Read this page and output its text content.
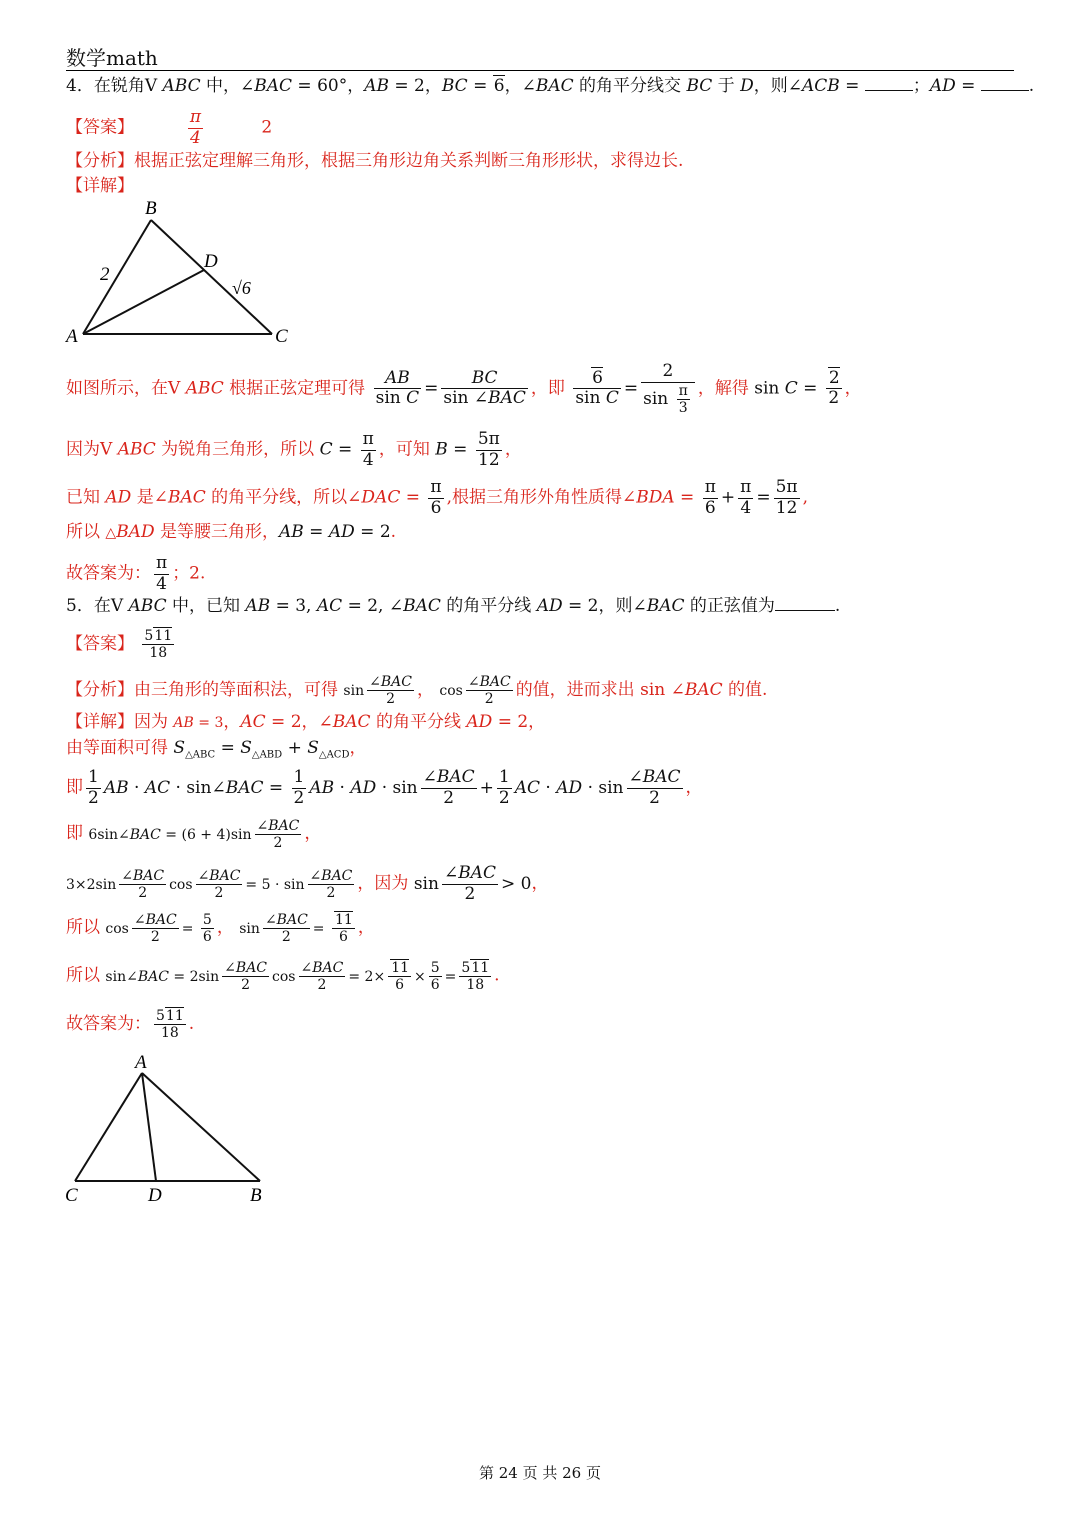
数学math
4．在锐角V ABC 中，∠BAC = 60°，AB = 2，BC = 6，∠BAC 的角平分线交 BC 于 D，则∠ACB =	；AD =	.
【答案】	$\frac{\pi}{4}$	2
【分析】根据正弦定理解三角形，根据三角形边角关系判断三角形形状，求得边长.
【详解】
B
D
A	C
2
√6
如图所示，在V ABC 根据正弦定理可得 $\frac{AB}{\text{sin C}} = \frac{BC}{\text{sin ∠BAC}}$ ，即 $\frac{6}{\text{sin C}} = \frac{2}{\sin \frac{\pi}{3}}$ ，解得 $\sin C = \frac{2}{2}$ ，
因为V ABC 为锐角三角形，所以 $C = \frac{\pi}{4}$ ，可知 $B = \frac{5\pi}{12}$ ，
已知 AD 是∠BAC 的角平分线，所以∠DAC = $\frac{\pi}{6}$ ,根据三角形外角性质得∠BDA = $\frac{\pi}{6} + \frac{\pi}{4} = \frac{5\pi}{12}$ ,
所以 △BAD 是等腰三角形，AB = AD = 2.
故答案为： $\frac{\pi}{4}$ ；2.
5．在V ABC 中，已知 AB = 3, AC = 2, ∠BAC 的角平分线 AD = 2，则∠BAC 的正弦值为	.
【答案】 $\frac{511}{18}$
【分析】由三角形的等面积法，可得 $\sin \frac{\text{∠BAC}}{2}$ ， $\cos \frac{\text{∠BAC}}{2}$ 的值，进而求出 sin ∠BAC 的值.
【详解】因为 AB = 3，AC = 2，∠BAC 的角平分线 AD = 2，
由等面积可得 $S_{\triangle ABC} = S_{\triangle ABD} + S_{\triangle ACD}$，
即 $\frac{1}{2}$ AB · AC · sin∠BAC = $\frac{1}{2}$ AB · AD · $\sin \frac{\text{∠BAC}}{2} + \frac{1}{2}$ AC · AD · $\sin \frac{\text{∠BAC}}{2}$ ，
即 6sin∠BAC = $(6 + 4)\sin \frac{\text{∠BAC}}{2}$ ，
$3\times 2\sin \frac{\text{∠BAC}}{2}$ $\cos \frac{\text{∠BAC}}{2} = 5 \cdot \sin \frac{\text{∠BAC}}{2}$ ，因为 $\sin \frac{\text{∠BAC}}{2} > 0$，
所以 $\cos \frac{\text{∠BAC}}{2} = \frac{5}{6}$ ， $\sin \frac{\text{∠BAC}}{2} = \frac{11}{6}$ ，
所以 sin∠BAC = $2\sin \frac{\text{∠BAC}}{2}$ $\cos \frac{\text{∠BAC}}{2} = 2\times \frac{11}{6} \times \frac{5}{6} = \frac{511}{18}$ .
故答案为： $\frac{511}{18}$ .
A
C	D	B
第 24 页 共 26 页
